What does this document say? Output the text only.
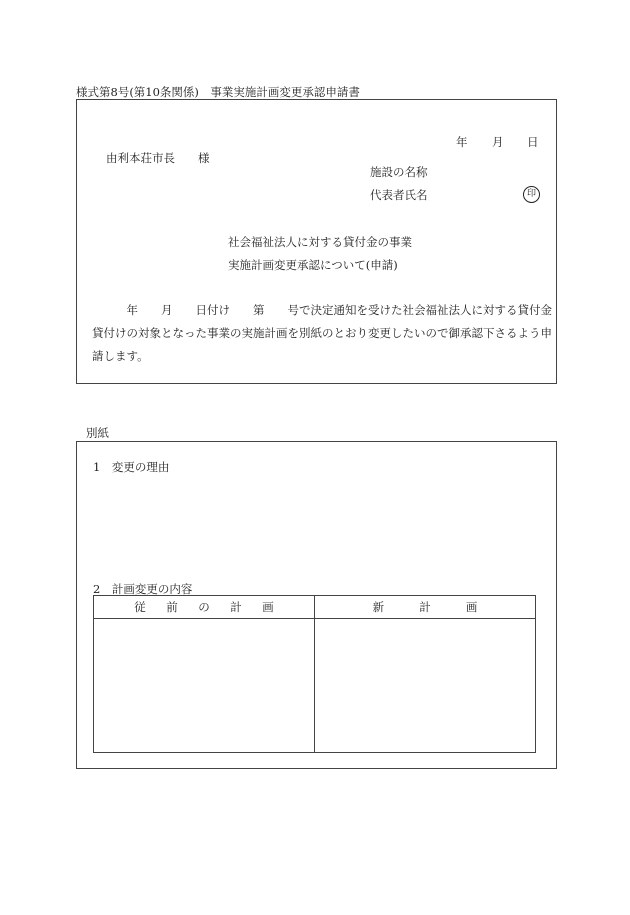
様式第8号(第10条関係)　事業実施計画変更承認申請書
年 月 日
由利本荘市長　　様
施設の名称
代表者氏名	印
社会福祉法人に対する貸付金の事業
実施計画変更承認について(申請)
　　　年　　月　　日付け　　第　　号で決定通知を受けた社会福祉法人に対する貸付金貸付けの対象となった事業の実施計画を別紙のとおり変更したいので御承認下さるよう申請します。
別紙
1　変更の理由
2　計画変更の内容
従 前 の 計 画	新 計 画
